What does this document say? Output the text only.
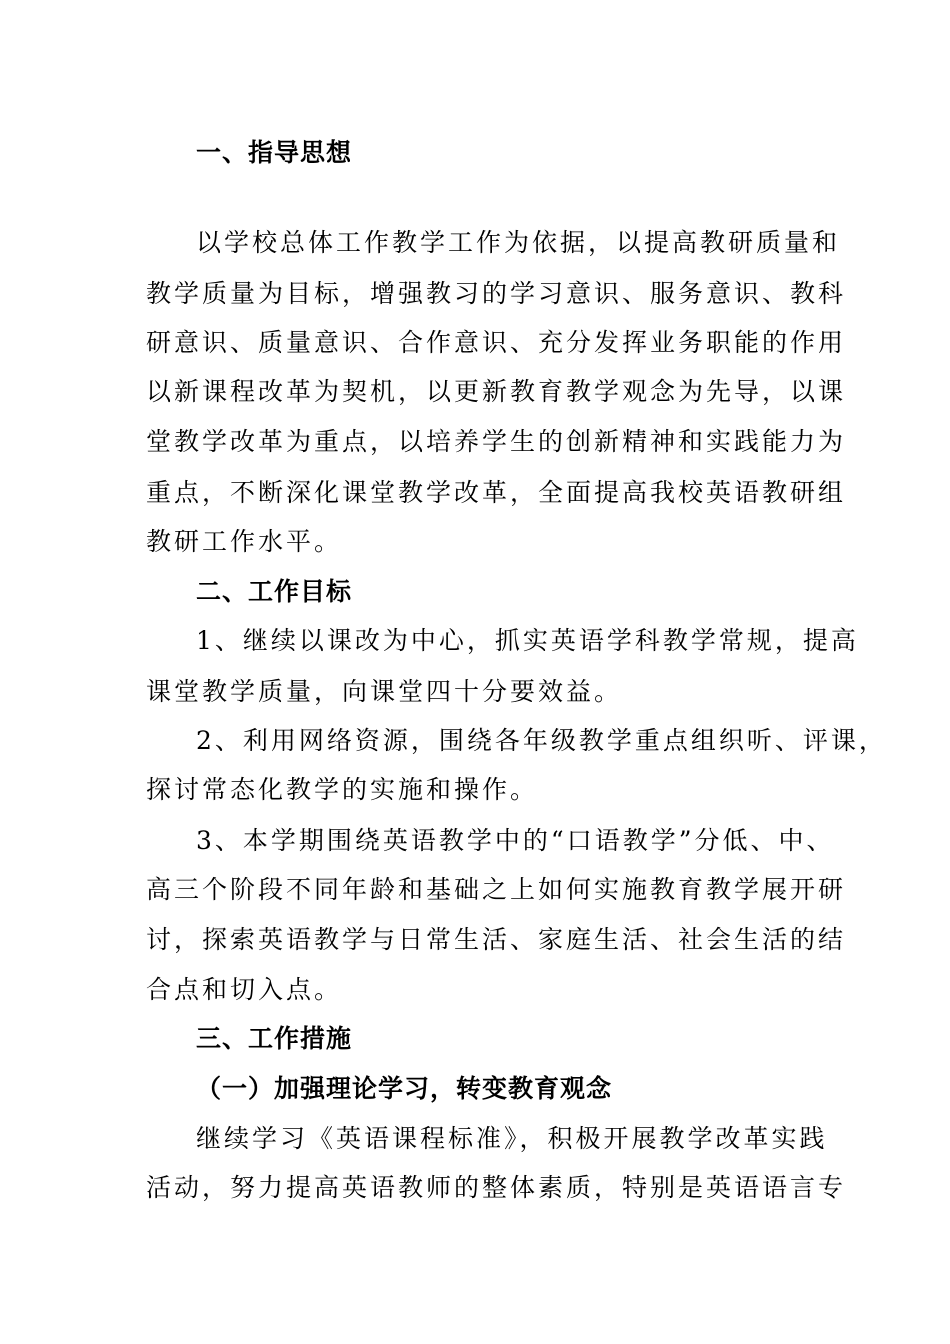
一、指导思想
以学校总体工作教学工作为依据，以提高教研质量和
教学质量为目标，增强教习的学习意识、服务意识、教科
研意识、质量意识、合作意识、充分发挥业务职能的作用
以新课程改革为契机，以更新教育教学观念为先导，以课
堂教学改革为重点，以培养学生的创新精神和实践能力为
重点，不断深化课堂教学改革，全面提高我校英语教研组
教研工作水平。
二、工作目标
1、继续以课改为中心，抓实英语学科教学常规，提高
课堂教学质量，向课堂四十分要效益。
2、利用网络资源，围绕各年级教学重点组织听、评课，
探讨常态化教学的实施和操作。
3、本学期围绕英语教学中的“口语教学”分低、中、
高三个阶段不同年龄和基础之上如何实施教育教学展开研
讨，探索英语教学与日常生活、家庭生活、社会生活的结
合点和切入点。
三、工作措施
（一）加强理论学习，转变教育观念
继续学习《英语课程标准》，积极开展教学改革实践
活动，努力提高英语教师的整体素质，特别是英语语言专
